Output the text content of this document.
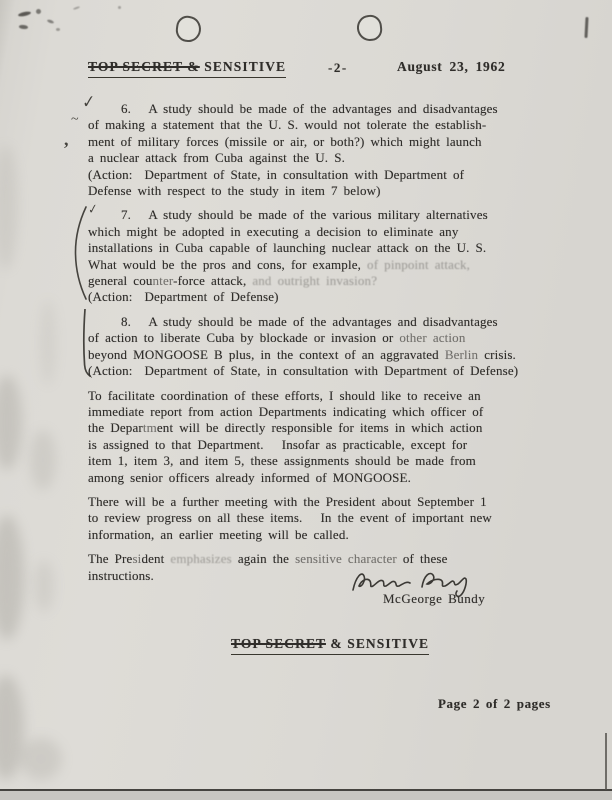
TOP SECRET & SENSITIVE	-2-	August 23, 1962
✓
~
,
✓
6.   A study should be made of the advantages and disadvantages
of making a statement that the U. S. would not tolerate the establish-
ment of military forces (missile or air, or both?) which might launch
a nuclear attack from Cuba against the U. S.
(Action:  Department of State, in consultation with Department of
Defense with respect to the study in item 7 below)
7.   A study should be made of the various military alternatives
which might be adopted in executing a decision to eliminate any
installations in Cuba capable of launching nuclear attack on the U. S.
What would be the pros and cons, for example, of pinpoint attack,
general counter-force attack, and outright invasion?
(Action:  Department of Defense)
8.   A study should be made of the advantages and disadvantages
of action to liberate Cuba by blockade or invasion or other action
beyond MONGOOSE B plus, in the context of an aggravated Berlin crisis.
(Action:  Department of State, in consultation with Department of Defense)
To facilitate coordination of these efforts, I should like to receive an
immediate report from action Departments indicating which officer of
the Department will be directly responsible for items in which action
is assigned to that Department.   Insofar as practicable, except for
item 1, item 3, and item 5, these assignments should be made from
among senior officers already informed of MONGOOSE.
There will be a further meeting with the President about September 1
to review progress on all these items.   In the event of important new
information, an earlier meeting will be called.
The President emphasizes again the sensitive character of these
instructions.
McGeorge Bundy
TOP SECRET & SENSITIVE
Page 2 of 2 pages
